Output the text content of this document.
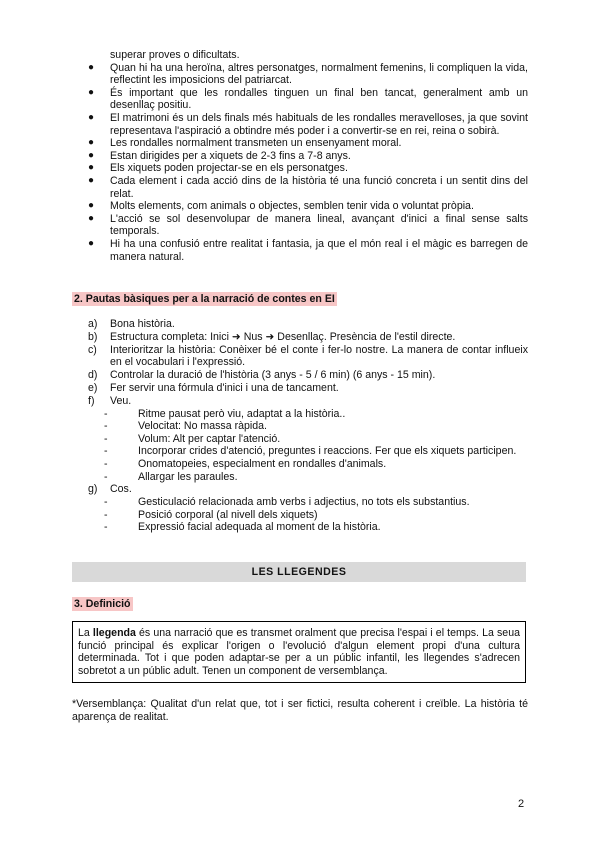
superar proves o dificultats.
● Quan hi ha una heroïna, altres personatges, normalment femenins, li compliquen la vida, reflectint les imposicions del patriarcat.
● És important que les rondalles tinguen un final ben tancat, generalment amb un desenllaç positiu.
● El matrimoni és un dels finals més habituals de les rondalles meravelloses, ja que sovint representava l'aspiració a obtindre més poder i a convertir-se en rei, reina o sobirà.
● Les rondalles normalment transmeten un ensenyament moral.
● Estan dirigides per a xiquets de 2-3 fins a 7-8 anys.
● Els xiquets poden projectar-se en els personatges.
● Cada element i cada acció dins de la història té una funció concreta i un sentit dins del relat.
● Molts elements, com animals o objectes, semblen tenir vida o voluntat pròpia.
● L'acció se sol desenvolupar de manera lineal, avançant d'inici a final sense salts temporals.
● Hi ha una confusió entre realitat i fantasia, ja que el món real i el màgic es barregen de manera natural.
2. Pautas bàsiques per a la narració de contes en EI
a) Bona història.
b) Estructura completa: Inici ➜ Nus ➜ Desenllaç. Presència de l'estil directe.
c) Interioritzar la història: Conèixer bé el conte i fer-lo nostre. La manera de contar influeix en el vocabulari i l'expressió.
d) Controlar la duració de l'història (3 anys - 5 / 6 min) (6 anys - 15 min).
e) Fer servir una fórmula d'inici i una de tancament.
f) Veu.
-	Ritme pausat però viu, adaptat a la història..
-	Velocitat: No massa ràpida.
-	Volum: Alt per captar l'atenció.
-	Incorporar crides d'atenció, preguntes i reaccions. Fer que els xiquets participen.
-	Onomatopeies, especialment en rondalles d'animals.
-	Allargar les paraules.
g) Cos.
-	Gesticulació relacionada amb verbs i adjectius, no tots els substantius.
-	Posició corporal (al nivell dels xiquets)
-	Expressió facial adequada al moment de la història.
LES LLEGENDES
3. Definició
La llegenda és una narració que es transmet oralment que precisa l'espai i el temps. La seua funció principal és explicar l'origen o l'evolució d'algun element propi d'una cultura determinada. Tot i que poden adaptar-se per a un públic infantil, les llegendes s'adrecen sobretot a un públic adult. Tenen un component de versemblança.
*Versemblança: Qualitat d'un relat que, tot i ser fictici, resulta coherent i creïble. La història té aparença de realitat.
2
